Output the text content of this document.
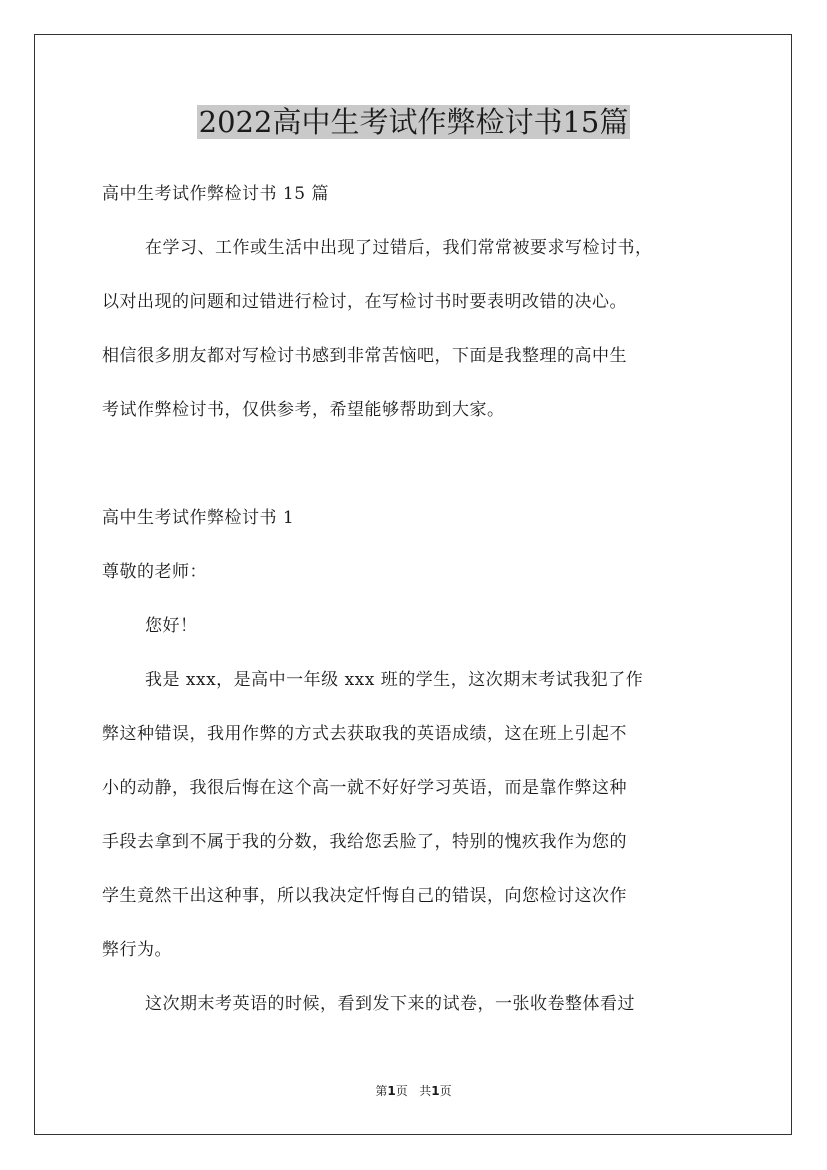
2022高中生考试作弊检讨书15篇
高中生考试作弊检讨书 15 篇
在学习、工作或生活中出现了过错后，我们常常被要求写检讨书，
以对出现的问题和过错进行检讨，在写检讨书时要表明改错的决心。
相信很多朋友都对写检讨书感到非常苦恼吧，下面是我整理的高中生
考试作弊检讨书，仅供参考，希望能够帮助到大家。
高中生考试作弊检讨书 1
尊敬的老师：
您好！
我是 xxx，是高中一年级 xxx 班的学生，这次期末考试我犯了作
弊这种错误，我用作弊的方式去获取我的英语成绩，这在班上引起不
小的动静，我很后悔在这个高一就不好好学习英语，而是靠作弊这种
手段去拿到不属于我的分数，我给您丢脸了，特别的愧疚我作为您的
学生竟然干出这种事，所以我决定忏悔自己的错误，向您检讨这次作
弊行为。
这次期末考英语的时候，看到发下来的试卷，一张收卷整体看过
第1页 共1页
